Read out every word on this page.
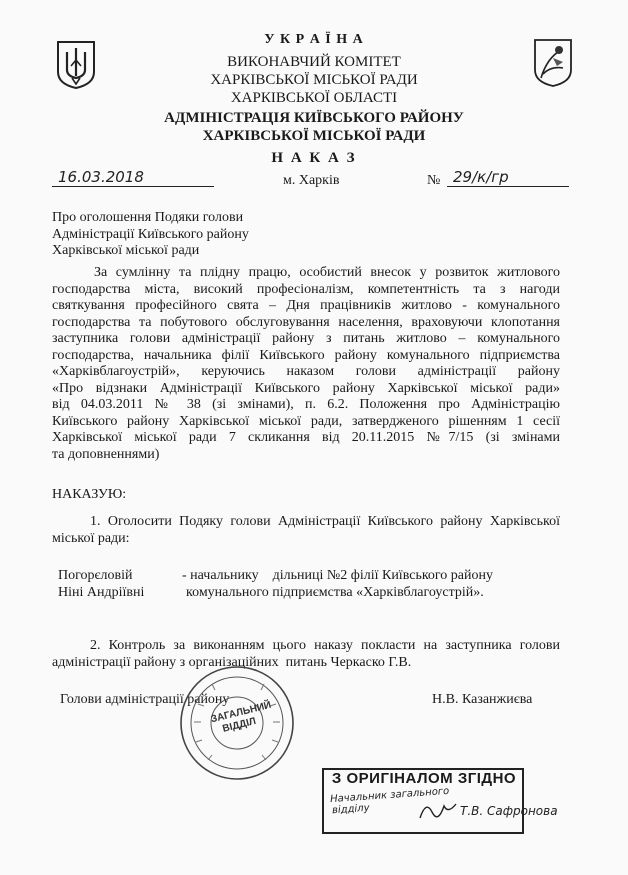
У К Р А Ї Н А
ВИКОНАВЧИЙ КОМІТЕТ
ХАРКІВСЬКОЇ МІСЬКОЇ РАДИ
ХАРКІВСЬКОЇ ОБЛАСТІ
АДМІНІСТРАЦІЯ КИЇВСЬКОГО РАЙОНУ
ХАРКІВСЬКОЇ МІСЬКОЇ РАДИ
Н А К А З
16.03.2018	м. Харків	№ 29/к/гр
Про оголошення Подяки голови
Адміністрації Київського району
Харківської міської ради
За сумлінну та плідну працю, особистий внесок у розвиток житлового
господарства міста, високий професіоналізм, компетентність та з нагоди
святкування професійного свята – Дня працівників житлово - комунального
господарства та побутового обслуговування населення, враховуючи клопотання
заступника голови адміністрації району з питань житлово – комунального
господарства, начальника філії Київського району комунального підприємства
«Харківблагоустрій», керуючись наказом голови адміністрації району
«Про відзнаки Адміністрації Київського району Харківської міської ради»
від 04.03.2011 № 38 (зі змінами), п. 6.2. Положення про Адміністрацію
Київського району Харківської міської ради, затвердженого рішенням 1 сесії
Харківської міської ради 7 скликання від 20.11.2015 №7/15 (зі змінами
та доповненнями)
НАКАЗУЮ:
1. Оголосити Подяку голови Адміністрації Київського району Харківської
міської ради:
Погорєловій
Ніні Андріївні
- начальнику    дільниці №2 філії Київського району
комунального підприємства «Харківблагоустрій».
2. Контроль за виконанням цього наказу покласти на заступника голови
адміністрації району з організаційних  питань Черкаско Г.В.
Голови адміністрації району	Н.В. Казанжиєва
ЗАГАЛЬНИЙ ВІДДІЛ
З ОРИГІНАЛОМ ЗГІДНО
Начальник загального
відділу	Т.В. Сафронова
